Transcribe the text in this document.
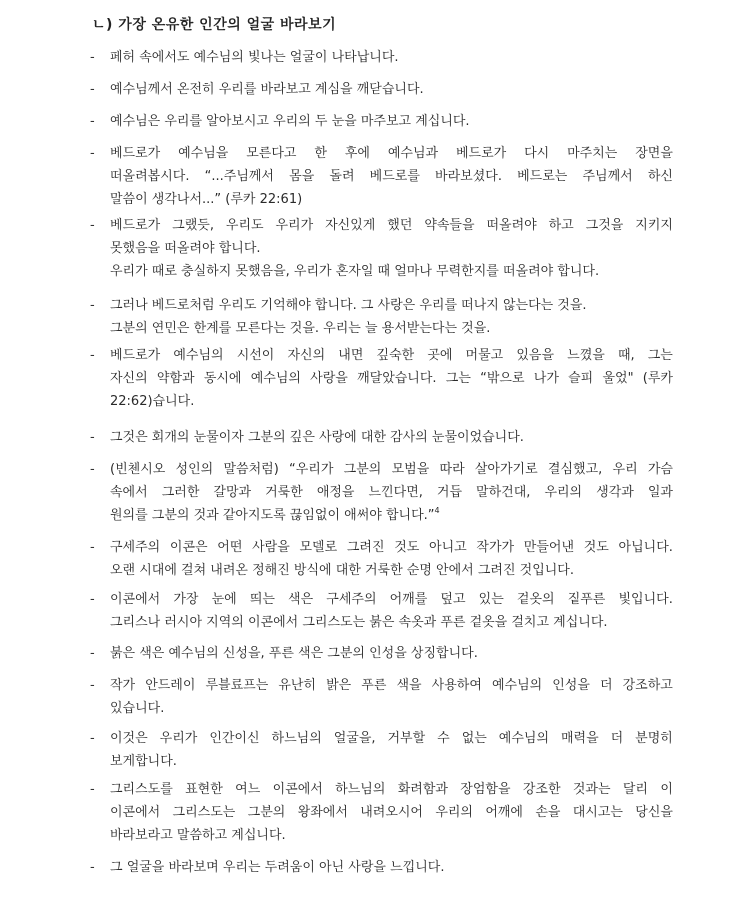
ㄴ) 가장 온유한 인간의 얼굴 바라보기
- 페허 속에서도 예수님의 빛나는 얼굴이 나타납니다.
- 예수님께서 온전히 우리를 바라보고 계심을 깨닫습니다.
- 예수님은 우리를 알아보시고 우리의 두 눈을 마주보고 계십니다.
- 베드로가 예수님을 모른다고 한 후에 예수님과 베드로가 다시 마주치는 장면을
떠올려봅시다. “...주님께서 몸을 돌려 베드로를 바라보셨다. 베드로는 주님께서 하신
말씀이 생각나서...” (루카 22:61)
- 베드로가 그랬듯, 우리도 우리가 자신있게 했던 약속들을 떠올려야 하고 그것을 지키지
못했음을 떠올려야 합니다.
우리가 때로 충실하지 못했음을, 우리가 혼자일 때 얼마나 무력한지를 떠올려야 합니다.
- 그러나 베드로처럼 우리도 기억해야 합니다. 그 사랑은 우리를 떠나지 않는다는 것을.
그분의 연민은 한계를 모른다는 것을. 우리는 늘 용서받는다는 것을.
- 베드로가 예수님의 시선이 자신의 내면 깊숙한 곳에 머물고 있음을 느꼈을 때, 그는
자신의 약함과 동시에 예수님의 사랑을 깨달았습니다. 그는 “밖으로 나가 슬피 울었" (루카
22:62)습니다.
- 그것은 회개의 눈물이자 그분의 깊은 사랑에 대한 감사의 눈물이었습니다.
- (빈첸시오 성인의 말씀처럼) “우리가 그분의 모범을 따라 살아가기로 결심했고, 우리 가슴
속에서 그러한 갈망과 거룩한 애정을 느낀다면, 거듭 말하건대, 우리의 생각과 일과
원의를 그분의 것과 같아지도록 끊임없이 애써야 합니다.”$^4$
- 구세주의 이콘은 어떤 사람을 모델로 그려진 것도 아니고 작가가 만들어낸 것도 아닙니다.
오랜 시대에 걸쳐 내려온 정해진 방식에 대한 거룩한 순명 안에서 그려진 것입니다.
- 이콘에서 가장 눈에 띄는 색은 구세주의 어깨를 덮고 있는 겉옷의 짙푸른 빛입니다.
그리스나 러시아 지역의 이콘에서 그리스도는 붉은 속옷과 푸른 겉옷을 걸치고 계십니다.
- 붉은 색은 예수님의 신성을, 푸른 색은 그분의 인성을 상징합니다.
- 작가 안드레이 루블료프는 유난히 밝은 푸른 색을 사용하여 예수님의 인성을 더 강조하고
있습니다.
- 이것은 우리가 인간이신 하느님의 얼굴을, 거부할 수 없는 예수님의 매력을 더 분명히
보게합니다.
- 그리스도를 표현한 여느 이콘에서 하느님의 화려함과 장엄함을 강조한 것과는 달리 이
이콘에서 그리스도는 그분의 왕좌에서 내려오시어 우리의 어깨에 손을 대시고는 당신을
바라보라고 말씀하고 계십니다.
- 그 얼굴을 바라보며 우리는 두려움이 아닌 사랑을 느낍니다.
